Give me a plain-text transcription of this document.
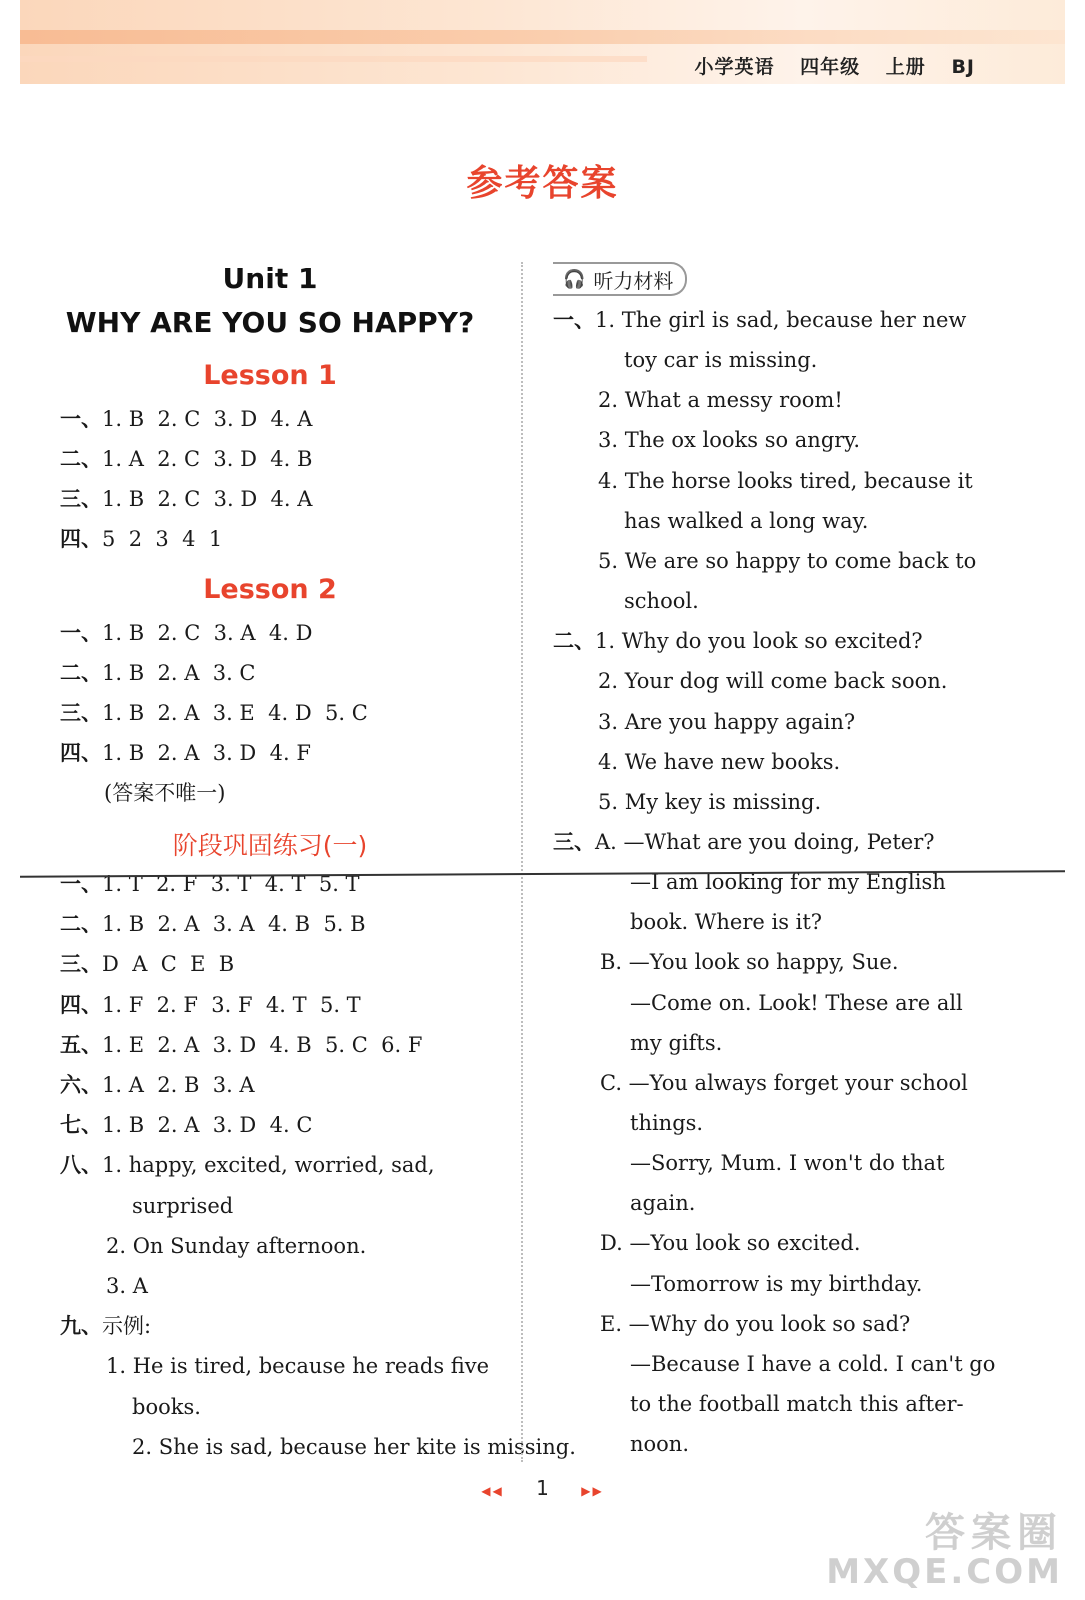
小学英语 四年级 上册 BJ
参考答案
Unit 1
WHY ARE YOU SO HAPPY?
Lesson 1
一、1. B  2. C  3. D  4. A
二、1. A  2. C  3. D  4. B
三、1. B  2. C  3. D  4. A
四、5  2  3  4  1
Lesson 2
一、1. B  2. C  3. A  4. D
二、1. B  2. A  3. C
三、1. B  2. A  3. E  4. D  5. C
四、1. B  2. A  3. D  4. F
(答案不唯一)
阶段巩固练习(一)
一、1. T  2. F  3. T  4. T  5. T
二、1. B  2. A  3. A  4. B  5. B
三、D  A  C  E  B
四、1. F  2. F  3. F  4. T  5. T
五、1. E  2. A  3. D  4. B  5. C  6. F
六、1. A  2. B  3. A
七、1. B  2. A  3. D  4. C
八、1. happy, excited, worried, sad,
surprised
2. On Sunday afternoon.
3. A
九、示例:
1. He is tired, because he reads five
books.
2. She is sad, because her kite is missing.
🎧 听力材料
一、1. The girl is sad, because her new
toy car is missing.
2. What a messy room!
3. The ox looks so angry.
4. The horse looks tired, because it
has walked a long way.
5. We are so happy to come back to
school.
二、1. Why do you look so excited?
2. Your dog will come back soon.
3. Are you happy again?
4. We have new books.
5. My key is missing.
三、A. —What are you doing, Peter?
—I am looking for my English
book. Where is it?
B. —You look so happy, Sue.
—Come on. Look! These are all
my gifts.
C. —You always forget your school
things.
—Sorry, Mum. I won't do that
again.
D. —You look so excited.
—Tomorrow is my birthday.
E. —Why do you look so sad?
—Because I have a cold. I can't go
to the football match this after-
noon.
◀◀ 1	▶▶
答案圈
MXQE.COM
